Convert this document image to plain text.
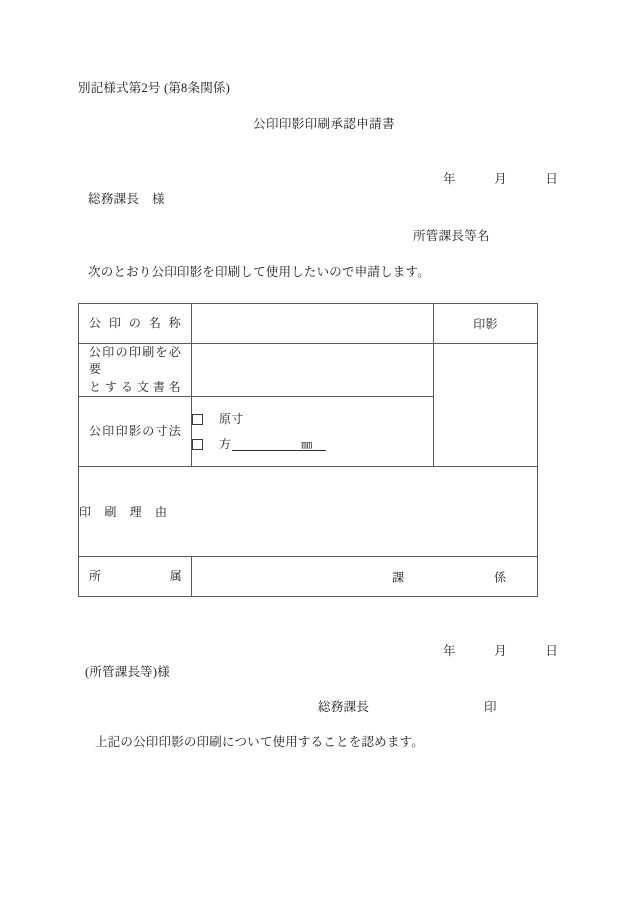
別記様式第2号 (第8条関係)
公印印影印刷承認申請書
年　　　月　　　日
総務課長　様
所管課長等名
次のとおり公印印影を印刷して使用したいので申請します。
公印の名称		印影

公印の印刷を必要
とする文書名		

公印印影の寸法	原寸
方 ㎜	

印刷理由		

所属	課 係	
年　　　月　　　日
(所管課長等)様
総務課長	印
上記の公印印影の印刷について使用することを認めます。
